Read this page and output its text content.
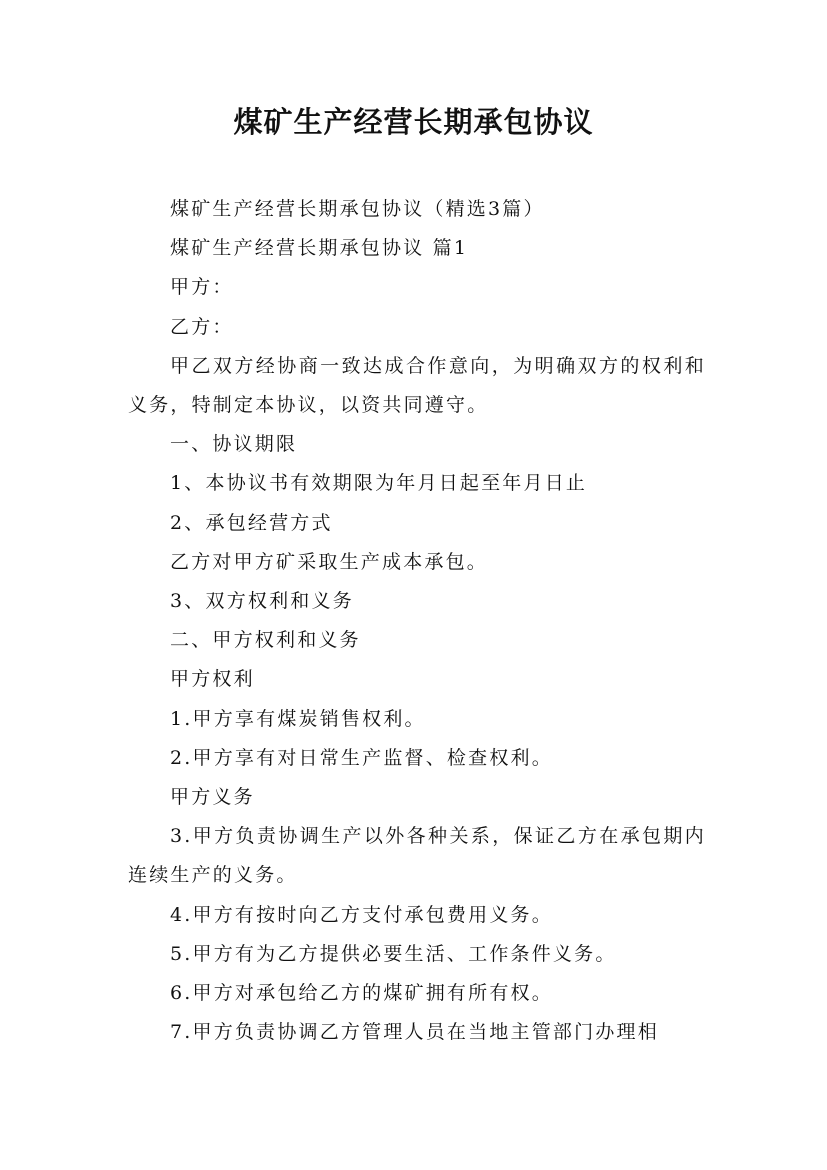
煤矿生产经营长期承包协议

煤矿生产经营长期承包协议（精选3篇）

煤矿生产经营长期承包协议 篇1

甲方：

乙方：

甲乙双方经协商一致达成合作意向，为明确双方的权利和义务，特制定本协议，以资共同遵守。

一、协议期限

1、本协议书有效期限为年月日起至年月日止

2、承包经营方式

乙方对甲方矿采取生产成本承包。

3、双方权利和义务

二、甲方权利和义务

甲方权利

1.甲方享有煤炭销售权利。

2.甲方享有对日常生产监督、检查权利。

甲方义务

3.甲方负责协调生产以外各种关系，保证乙方在承包期内连续生产的义务。

4.甲方有按时向乙方支付承包费用义务。

5.甲方有为乙方提供必要生活、工作条件义务。

6.甲方对承包给乙方的煤矿拥有所有权。

7.甲方负责协调乙方管理人员在当地主管部门办理相
